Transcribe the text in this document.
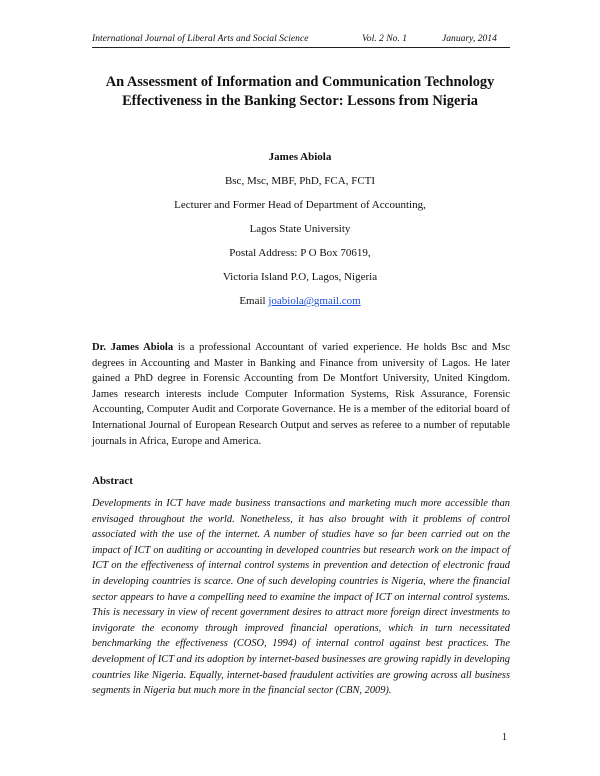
International Journal of Liberal Arts and Social Science	Vol. 2 No. 1	January, 2014
An Assessment of Information and Communication Technology
Effectiveness in the Banking Sector: Lessons from Nigeria
James Abiola
Bsc, Msc, MBF, PhD, FCA, FCTI
Lecturer and Former Head of Department of Accounting,
Lagos State University
Postal Address: P O Box 70619,
Victoria Island P.O, Lagos, Nigeria
Email joabiola@gmail.com
Dr. James Abiola is a professional Accountant of varied experience. He holds Bsc and Msc degrees in Accounting and Master in Banking and Finance from university of Lagos. He later gained a PhD degree in Forensic Accounting from De Montfort University, United Kingdom. James research interests include Computer Information Systems, Risk Assurance, Forensic Accounting, Computer Audit and Corporate Governance. He is a member of the editorial board of International Journal of European Research Output and serves as referee to a number of reputable journals in Africa, Europe and America.
Abstract
Developments in ICT have made business transactions and marketing much more accessible than envisaged throughout the world. Nonetheless, it has also brought with it problems of control associated with the use of the internet. A number of studies have so far been carried out on the impact of ICT on auditing or accounting in developed countries but research work on the impact of ICT on the effectiveness of internal control systems in prevention and detection of electronic fraud in developing countries is scarce. One of such developing countries is Nigeria, where the financial sector appears to have a compelling need to examine the impact of ICT on internal control systems. This is necessary in view of recent government desires to attract more foreign direct investments to invigorate the economy through improved financial operations, which in turn necessitated benchmarking the effectiveness (COSO, 1994) of internal control against best practices. The development of ICT and its adoption by internet-based businesses are growing rapidly in developing countries like Nigeria. Equally, internet-based fraudulent activities are growing across all business segments in Nigeria but much more in the financial sector (CBN, 2009).
1
